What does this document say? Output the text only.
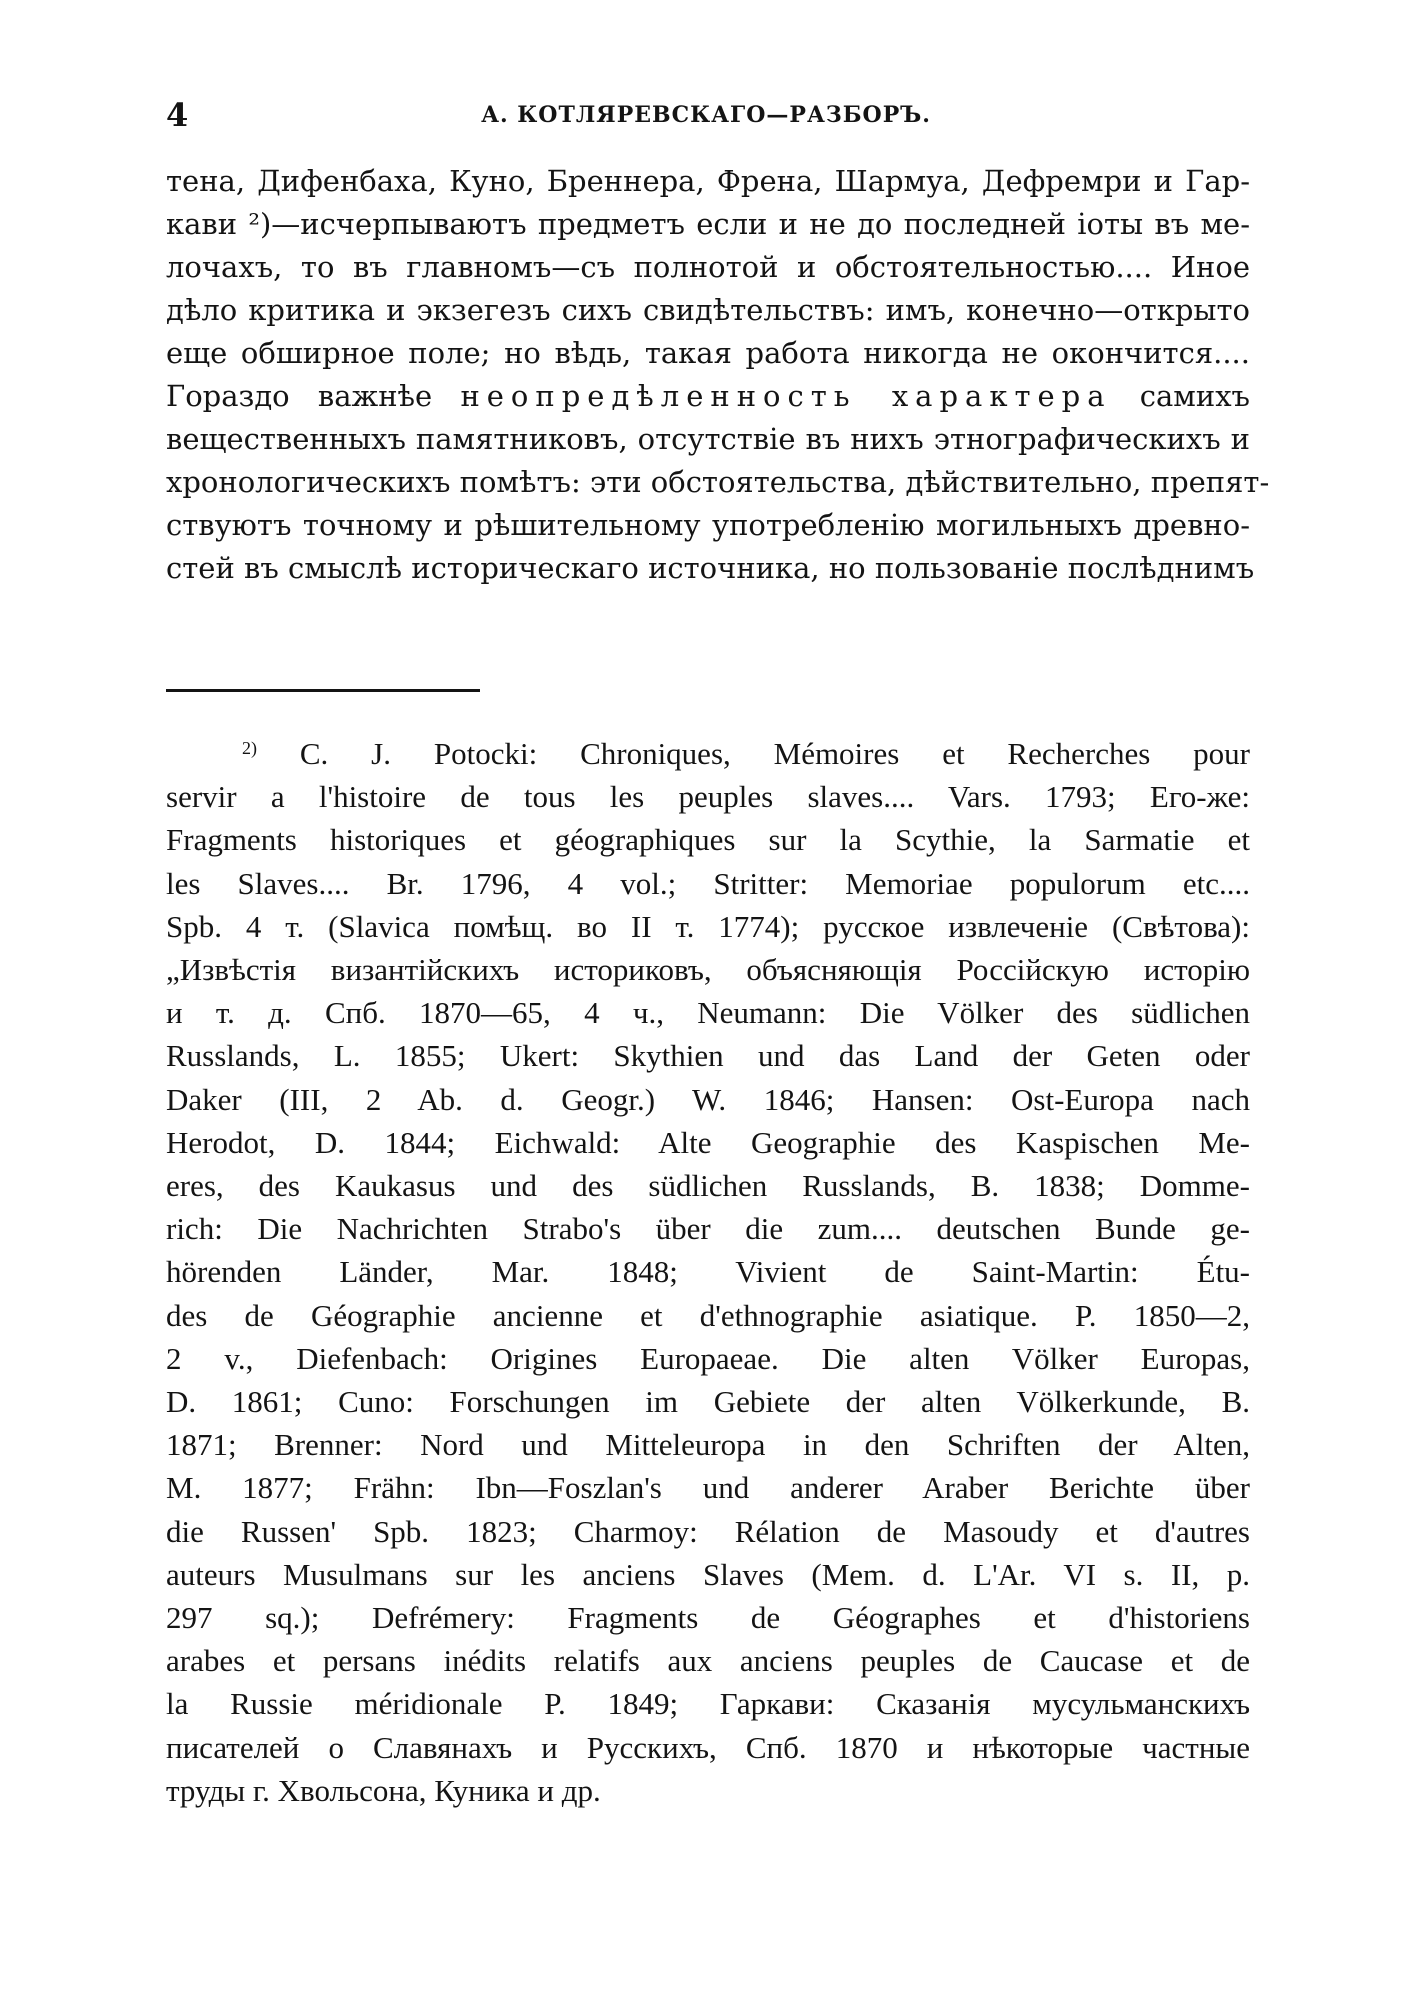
4	А. КОТЛЯРЕВСКАГО—РАЗБОРЪ.
тена, Дифенбаха, Куно, Бреннера, Френа, Шармуа, Дефремри и Гар-
кави ²)—исчерпываютъ предметъ если и не до последней іоты въ ме-
лочахъ, то въ главномъ—съ полнотой и обстоятельностью.... Иное
дѣло критика и экзегезъ сихъ свидѣтельствъ: имъ, конечно—открыто
еще обширное поле; но вѣдь, такая работа никогда не окончится....
Гораздо важнѣе неопредѣленность характера самихъ
вещественныхъ памятниковъ, отсутствіе въ нихъ этнографическихъ и
хронологическихъ помѣтъ: эти обстоятельства, дѣйствительно, препят-
ствуютъ точному и рѣшительному употребленію могильныхъ древно-
стей въ смыслѣ историческаго источника, но пользованіе послѣднимъ
$^{2)}$ C. J. Potocki: Chroniques, Mémoires et Recherches pour
servir a l'histoire de tous les peuples slaves.... Vars. 1793; Его-же:
Fragments historiques et géographiques sur la Scythie, la Sarmatie et
les Slaves.... Br. 1796, 4 vol.; Stritter: Memoriae populorum etc....
Spb. 4 т. (Slavica помѣщ. во II т. 1774); русское извлеченіе (Свѣтова):
„Извѣстія византійскихъ историковъ, объясняющія Россійскую исторію
и т. д. Спб. 1870—65, 4 ч., Neumann: Die Völker des südlichen
Russlands, L. 1855; Ukert: Skythien und das Land der Geten oder
Daker (III, 2 Ab. d. Geogr.) W. 1846; Hansen: Ost-Europa nach
Herodot, D. 1844; Eichwald: Alte Geographie des Kaspischen Me-
eres, des Kaukasus und des südlichen Russlands, B. 1838; Domme-
rich: Die Nachrichten Strabo's über die zum.... deutschen Bunde ge-
hörenden Länder, Mar. 1848; Vivient de Saint-Martin: Étu-
des de Géographie ancienne et d'ethnographie asiatique. P. 1850—2,
2 v., Diefenbach: Origines Europaeae. Die alten Völker Europas,
D. 1861; Cuno: Forschungen im Gebiete der alten Völkerkunde, B.
1871; Brenner: Nord und Mitteleuropa in den Schriften der Alten,
M. 1877; Frähn: Ibn—Foszlan's und anderer Araber Berichte über
die Russen' Spb. 1823; Charmoy: Rélation de Masoudy et d'autres
auteurs Musulmans sur les anciens Slaves (Mem. d. L'Ar. VI s. II, p.
297 sq.); Defrémery: Fragments de Géographes et d'historiens
arabes et persans inédits relatifs aux anciens peuples de Caucase et de
la Russie méridionale P. 1849; Гаркави: Сказанія мусульманскихъ
писателей о Славянахъ и Русскихъ, Спб. 1870 и нѣкоторые частные
труды г. Хвольсона, Куника и др.
